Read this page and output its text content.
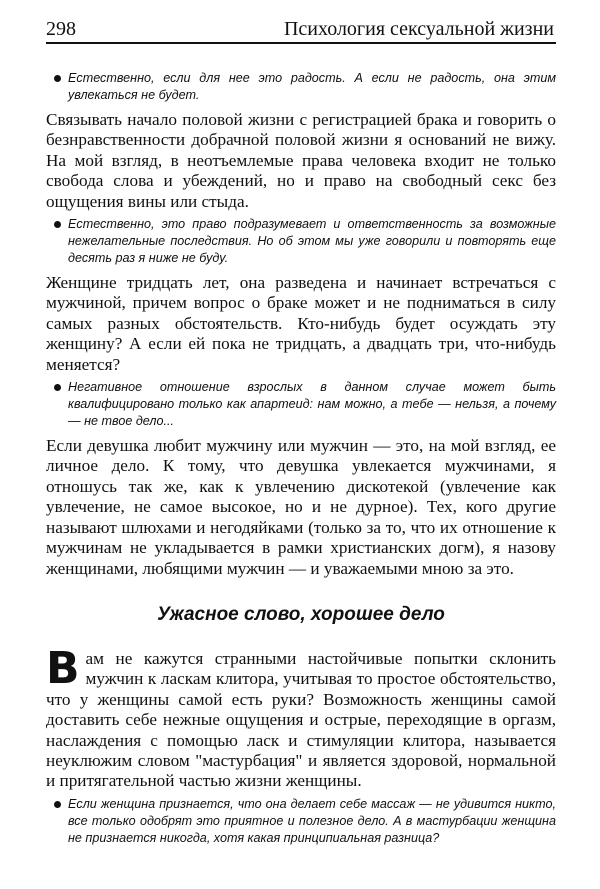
298	Психология сексуальной жизни

Естественно, если для нее это радость. А если не радость, она этим увлекаться не будет.

Связывать начало половой жизни с регистрацией брака и говорить о безнравственности добрачной половой жизни я оснований не вижу. На мой взгляд, в неотъемлемые права человека входит не только свобода слова и убеждений, но и право на свободный секс без ощущения вины или стыда.

Естественно, это право подразумевает и ответственность за возможные нежелательные последствия. Но об этом мы уже говорили и повторять еще десять раз я ниже не буду.

Женщине тридцать лет, она разведена и начинает встречаться с мужчиной, причем вопрос о браке может и не подниматься в силу самых разных обстоятельств. Кто-нибудь будет осуждать эту женщину? А если ей пока не тридцать, а двадцать три, что-нибудь меняется?

Негативное отношение взрослых в данном случае может быть квалифицировано только как апартеид: нам можно, а тебе — нельзя, а почему — не твое дело...

Если девушка любит мужчину или мужчин — это, на мой взгляд, ее личное дело. К тому, что девушка увлекается мужчинами, я отношусь так же, как к увлечению дискотекой (увлечение как увлечение, не самое высокое, но и не дурное). Тех, кого другие называют шлюхами и негодяйками (только за то, что их отношение к мужчинам не укладывается в рамки христианских догм), я назову женщинами, любящими мужчин — и уважаемыми мною за это.

Ужасное слово, хорошее дело

Вам не кажутся странными настойчивые попытки склонить мужчин к ласкам клитора, учитывая то простое обстоятельство, что у женщины самой есть руки? Возможность женщины самой доставить себе нежные ощущения и острые, переходящие в оргазм, наслаждения с помощью ласк и стимуляции клитора, называется неуклюжим словом "мастурбация" и является здоровой, нормальной и притягательной частью жизни женщины.

Если женщина признается, что она делает себе массаж — не удивится никто, все только одобрят это приятное и полезное дело. А в мастурбации женщина не признается никогда, хотя какая принципиальная разница?
